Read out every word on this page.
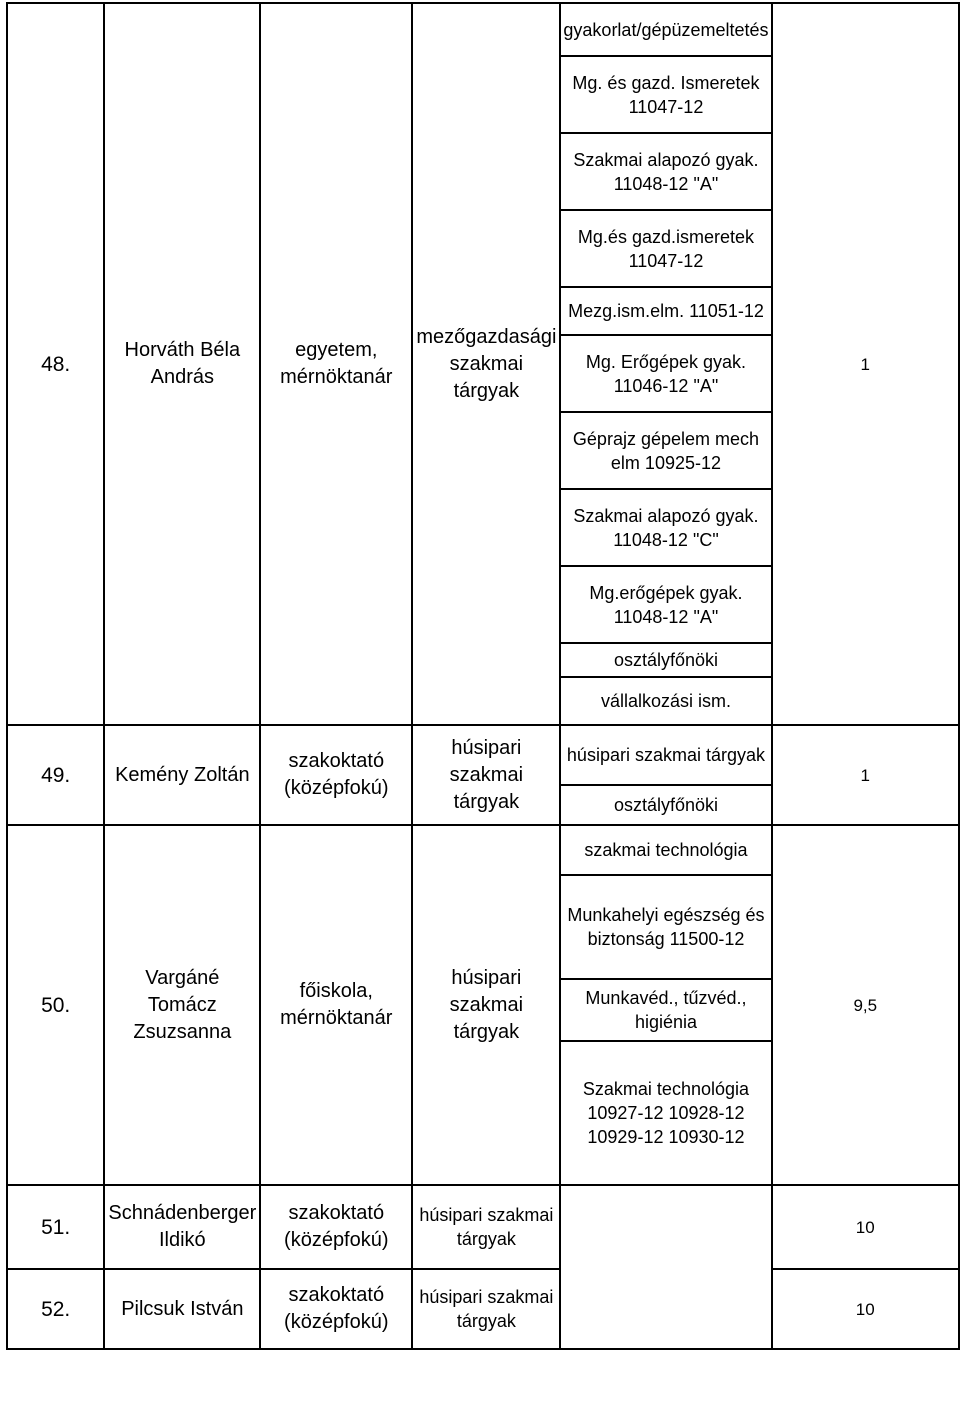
48.	Horváth Béla András	egyetem, mérnöktanár	mezőgazdasági szakmai tárgyak	gyakorlat/gépüzemeltetés	1
				Mg. és gazd. Ismeretek 11047-12	
				Szakmai alapozó gyak. 11048-12 "A"	
				Mg.és gazd.ismeretek 11047-12	
				Mezg.ism.elm. 11051-12	
				Mg. Erőgépek gyak. 11046-12 "A"	
				Géprajz gépelem mech elm 10925-12	
				Szakmai alapozó gyak. 11048-12 "C"	
				Mg.erőgépek gyak. 11048-12 "A"	
				osztályfőnöki	

				vállalkozási ism.	

49.	Kemény Zoltán	szakoktató (középfokú)	húsipari szakmai tárgyak	húsipari szakmai tárgyak	1
				osztályfőnöki	
50.	Vargáné Tomácz Zsuzsanna	főiskola, mérnöktanár	húsipari szakmai tárgyak	szakmai technológia	9,5
				Munkahelyi egészség és biztonság 11500-12	
				Munkavéd., tűzvéd., higiénia	
				Szakmai technológia 10927-12 10928-12 10929-12 10930-12	
51.	Schnádenberger Ildikó	szakoktató (középfokú)	húsipari szakmai tárgyak		10
52.	Pilcsuk István	szakoktató (középfokú)	húsipari szakmai tárgyak		10
